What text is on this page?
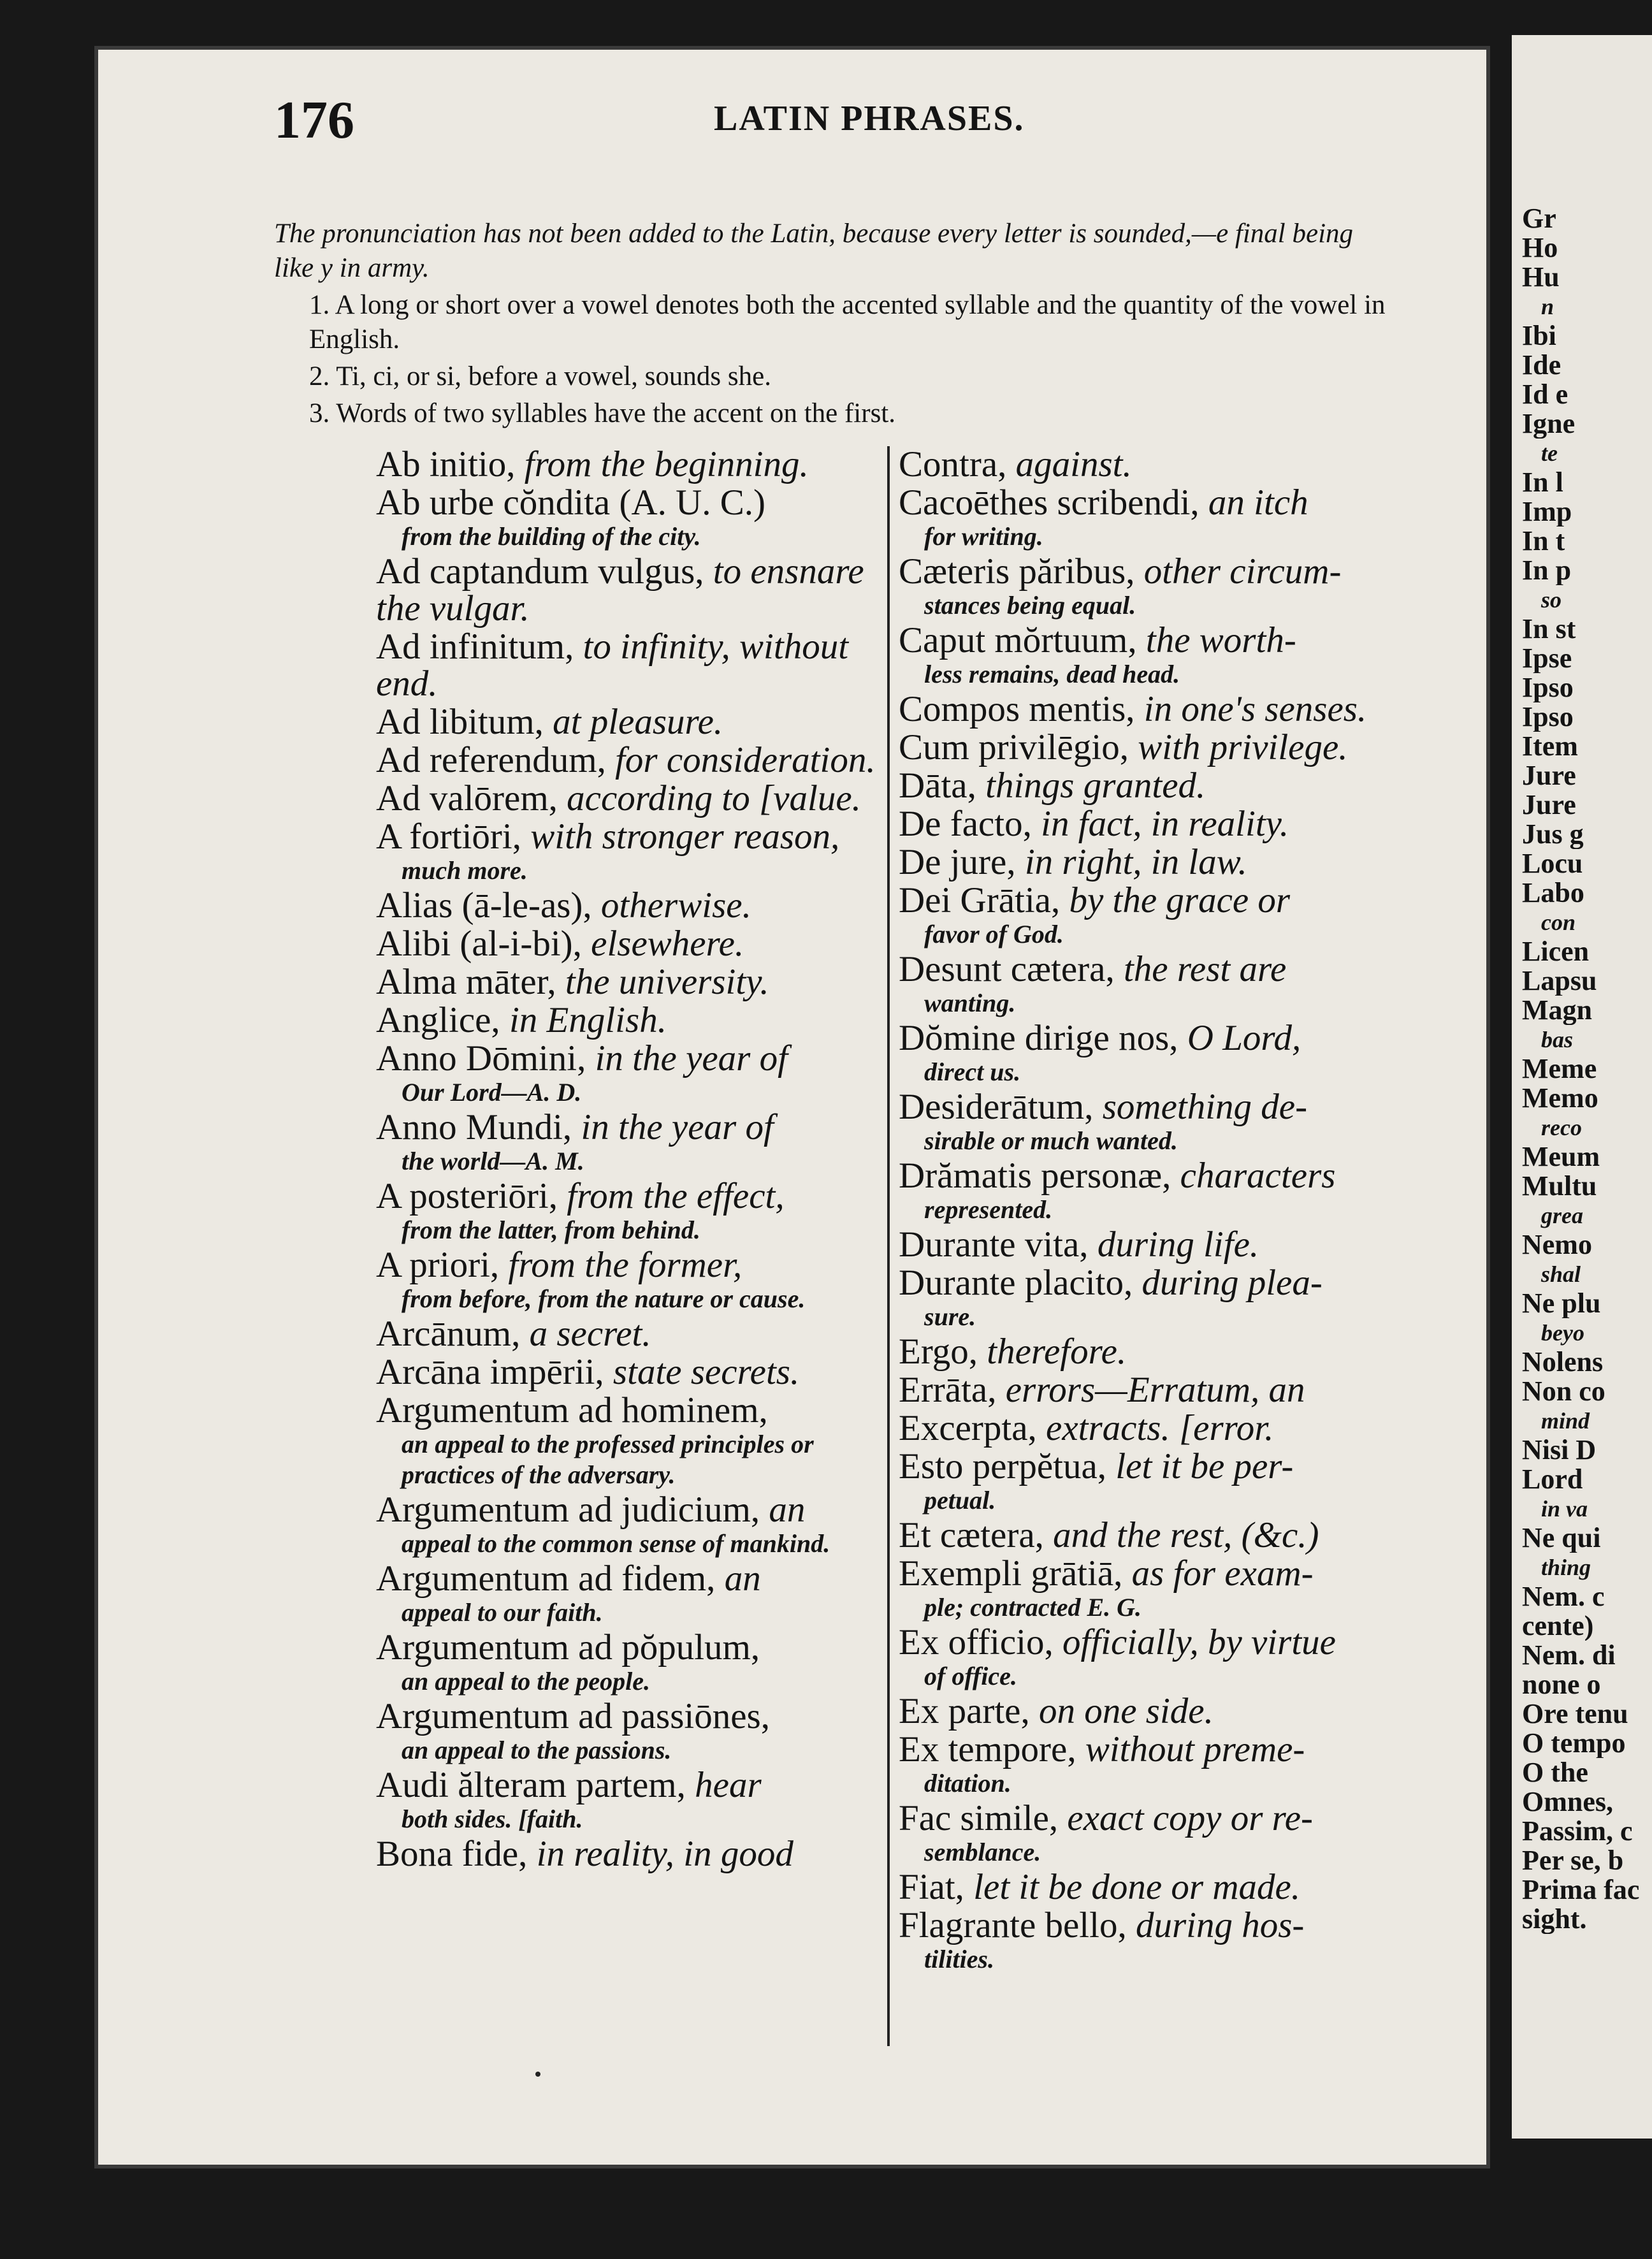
176	LATIN PHRASES.

The pronunciation has not been added to the Latin, because every letter is sounded,—e final being like y in army.

1. A long or short over a vowel denotes both the accented syllable and the quantity of the vowel in English.

2. Ti, ci, or si, before a vowel, sounds she.

3. Words of two syllables have the accent on the first.

Ab initio, from the beginning.
Ab urbe cŏndita (A. U. C.)
from the building of the city.
Ad captandum vulgus, to ensnare the vulgar.
Ad infinitum, to infinity, without end.
Ad libitum, at pleasure.
Ad referendum, for consideration.
Ad valōrem, according to [value.
A fortiōri, with stronger reason,
much more.
Alias (ā-le-as), otherwise.
Alibi (al-i-bi), elsewhere.
Alma māter, the university.
Anglice, in English.
Anno Dōmini, in the year of
Our Lord—A. D.
Anno Mundi, in the year of
the world—A. M.
A posteriōri, from the effect,
from the latter, from behind.
A priori, from the former,
from before, from the nature or cause.
Arcānum, a secret.
Arcāna impērii, state secrets.
Argumentum ad hominem,
an appeal to the professed principles or practices of the adversary.
Argumentum ad judicium, an
appeal to the common sense of mankind.
Argumentum ad fidem, an
appeal to our faith.
Argumentum ad pŏpulum,
an appeal to the people.
Argumentum ad passiōnes,
an appeal to the passions.
Audi ălteram partem, hear
both sides. [faith.
Bona fide, in reality, in good
Contra, against.
Cacoēthes scribendi, an itch
for writing.
Cæteris păribus, other circum-
stances being equal.
Caput mŏrtuum, the worth-
less remains, dead head.
Compos mentis, in one's senses.
Cum privilēgio, with privilege.
Dāta, things granted.
De facto, in fact, in reality.
De jure, in right, in law.
Dei Grātia, by the grace or
favor of God.
Desunt cætera, the rest are
wanting.
Dŏmine dirige nos, O Lord,
direct us.
Desiderātum, something de-
sirable or much wanted.
Drămatis personæ, characters
represented.
Durante vita, during life.
Durante placito, during plea-
sure.
Ergo, therefore.
Errāta, errors—Erratum, an
Excerpta, extracts. [error.
Esto perpĕtua, let it be per-
petual.
Et cætera, and the rest, (&c.)
Exempli grātiā, as for exam-
ple; contracted E. G.
Ex officio, officially, by virtue
of office.
Ex parte, on one side.
Ex tempore, without preme-
ditation.
Fac simile, exact copy or re-
semblance.
Fiat, let it be done or made.
Flagrante bello, during hos-
tilities.
Gr
Ho
Hu
n
Ibi
Ide
Id e
Igne
te
In l
Imp
In t
In p
so
In st
Ipse
Ipso
Ipso
Item
Jure
Jure
Jus g
Locu
Labo
con
Licen
Lapsu
Magn
bas
Meme
Memo
reco
Meum
Multu
grea
Nemo
shal
Ne plu
beyo
Nolens
Non co
mind
Nisi D
Lord
in va
Ne qui
thing
Nem. c
cente)
Nem. di
none o
Ore tenu
O tempo
O the
Omnes,
Passim, c
Per se, b
Prima fac
sight.
